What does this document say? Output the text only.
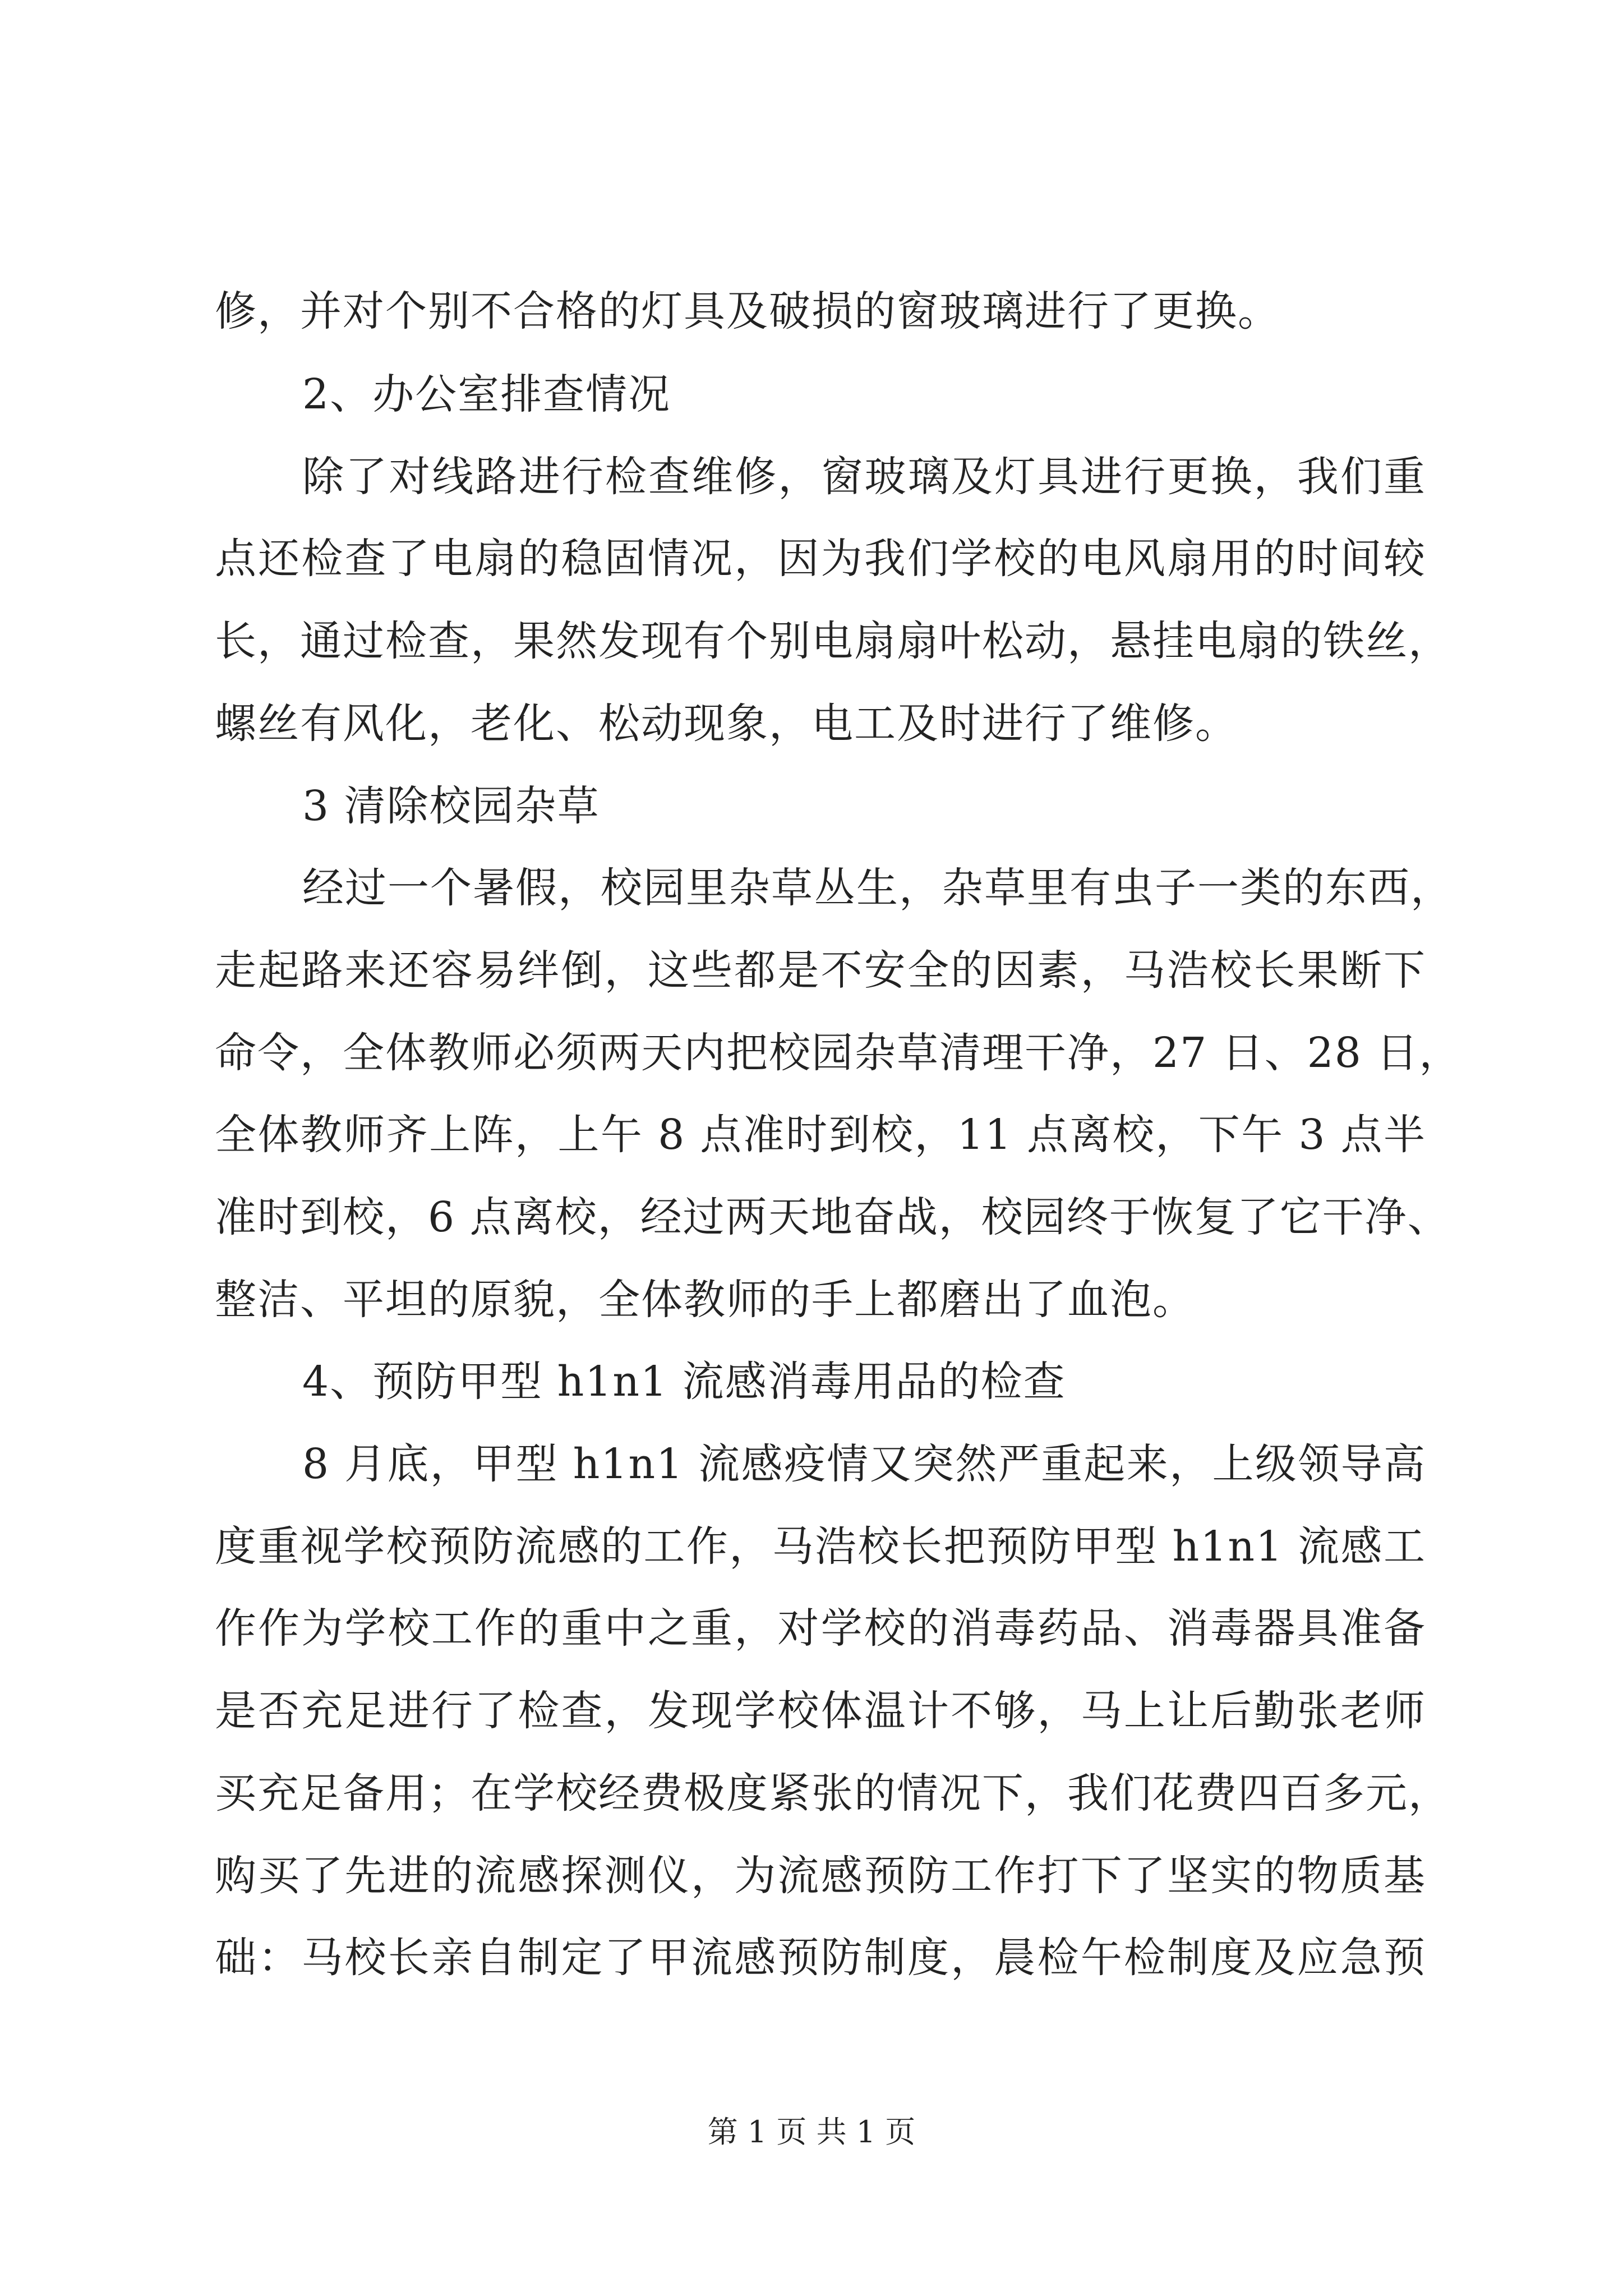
修，并对个别不合格的灯具及破损的窗玻璃进行了更换。
2、办公室排查情况
除了对线路进行检查维修，窗玻璃及灯具进行更换，我们重
点还检查了电扇的稳固情况，因为我们学校的电风扇用的时间较
长，通过检查，果然发现有个别电扇扇叶松动，悬挂电扇的铁丝，
螺丝有风化，老化、松动现象，电工及时进行了维修。
3 清除校园杂草
经过一个暑假，校园里杂草丛生，杂草里有虫子一类的东西，
走起路来还容易绊倒，这些都是不安全的因素，马浩校长果断下
命令，全体教师必须两天内把校园杂草清理干净，27 日、28 日，
全体教师齐上阵，上午 8 点准时到校，11 点离校，下午 3 点半
准时到校，6 点离校，经过两天地奋战，校园终于恢复了它干净、
整洁、平坦的原貌，全体教师的手上都磨出了血泡。
4、预防甲型 h1n1 流感消毒用品的检查
8 月底，甲型 h1n1 流感疫情又突然严重起来，上级领导高
度重视学校预防流感的工作，马浩校长把预防甲型 h1n1 流感工
作作为学校工作的重中之重，对学校的消毒药品、消毒器具准备
是否充足进行了检查，发现学校体温计不够，马上让后勤张老师
买充足备用；在学校经费极度紧张的情况下，我们花费四百多元，
购买了先进的流感探测仪，为流感预防工作打下了坚实的物质基
础：马校长亲自制定了甲流感预防制度，晨检午检制度及应急预
第 1 页 共 1 页
